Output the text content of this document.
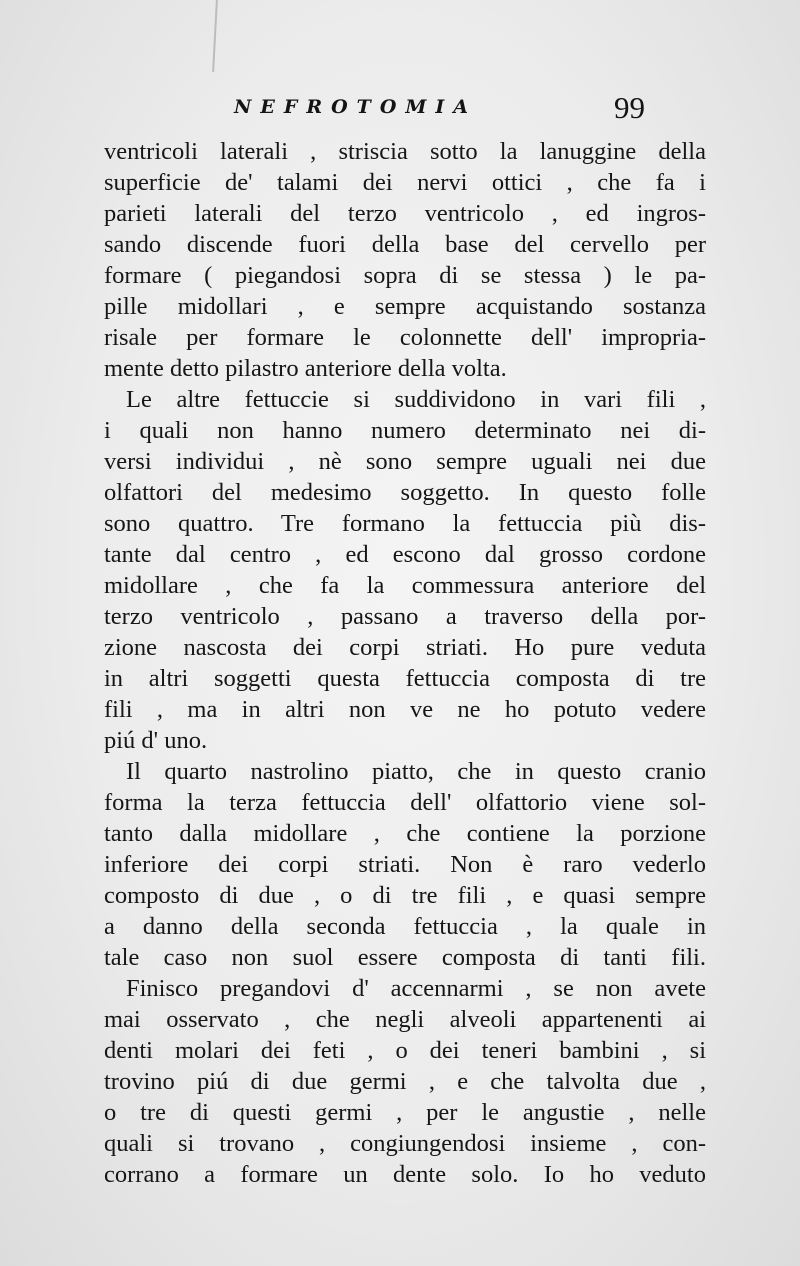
NEFROTOMIA	99
ventricoli laterali , striscia sotto la lanuggine della
superficie de' talami dei nervi ottici , che fa i
parieti laterali del terzo ventricolo , ed ingros-
sando discende fuori della base del cervello per
formare ( piegandosi sopra di se stessa ) le pa-
pille midollari , e sempre acquistando sostanza
risale per formare le colonnette dell' impropria-
mente detto pilastro anteriore della volta.
Le altre fettuccie si suddividono in vari fili ,
i quali non hanno numero determinato nei di-
versi individui , nè sono sempre uguali nei due
olfattori del medesimo soggetto. In questo folle
sono quattro. Tre formano la fettuccia più dis-
tante dal centro , ed escono dal grosso cordone
midollare , che fa la commessura anteriore del
terzo ventricolo , passano a traverso della por-
zione nascosta dei corpi striati. Ho pure veduta
in altri soggetti questa fettuccia composta di tre
fili , ma in altri non ve ne ho potuto vedere
piú d' uno.
Il quarto nastrolino piatto, che in questo cranio
forma la terza fettuccia dell' olfattorio viene sol-
tanto dalla midollare , che contiene la porzione
inferiore dei corpi striati. Non è raro vederlo
composto di due , o di tre fili , e quasi sempre
a danno della seconda fettuccia , la quale in
tale caso non suol essere composta di tanti fili.
Finisco pregandovi d' accennarmi , se non avete
mai osservato , che negli alveoli appartenenti ai
denti molari dei feti , o dei teneri bambini , si
trovino piú di due germi , e che talvolta due ,
o tre di questi germi , per le angustie , nelle
quali si trovano , congiungendosi insieme , con-
corrano a formare un dente solo. Io ho veduto
